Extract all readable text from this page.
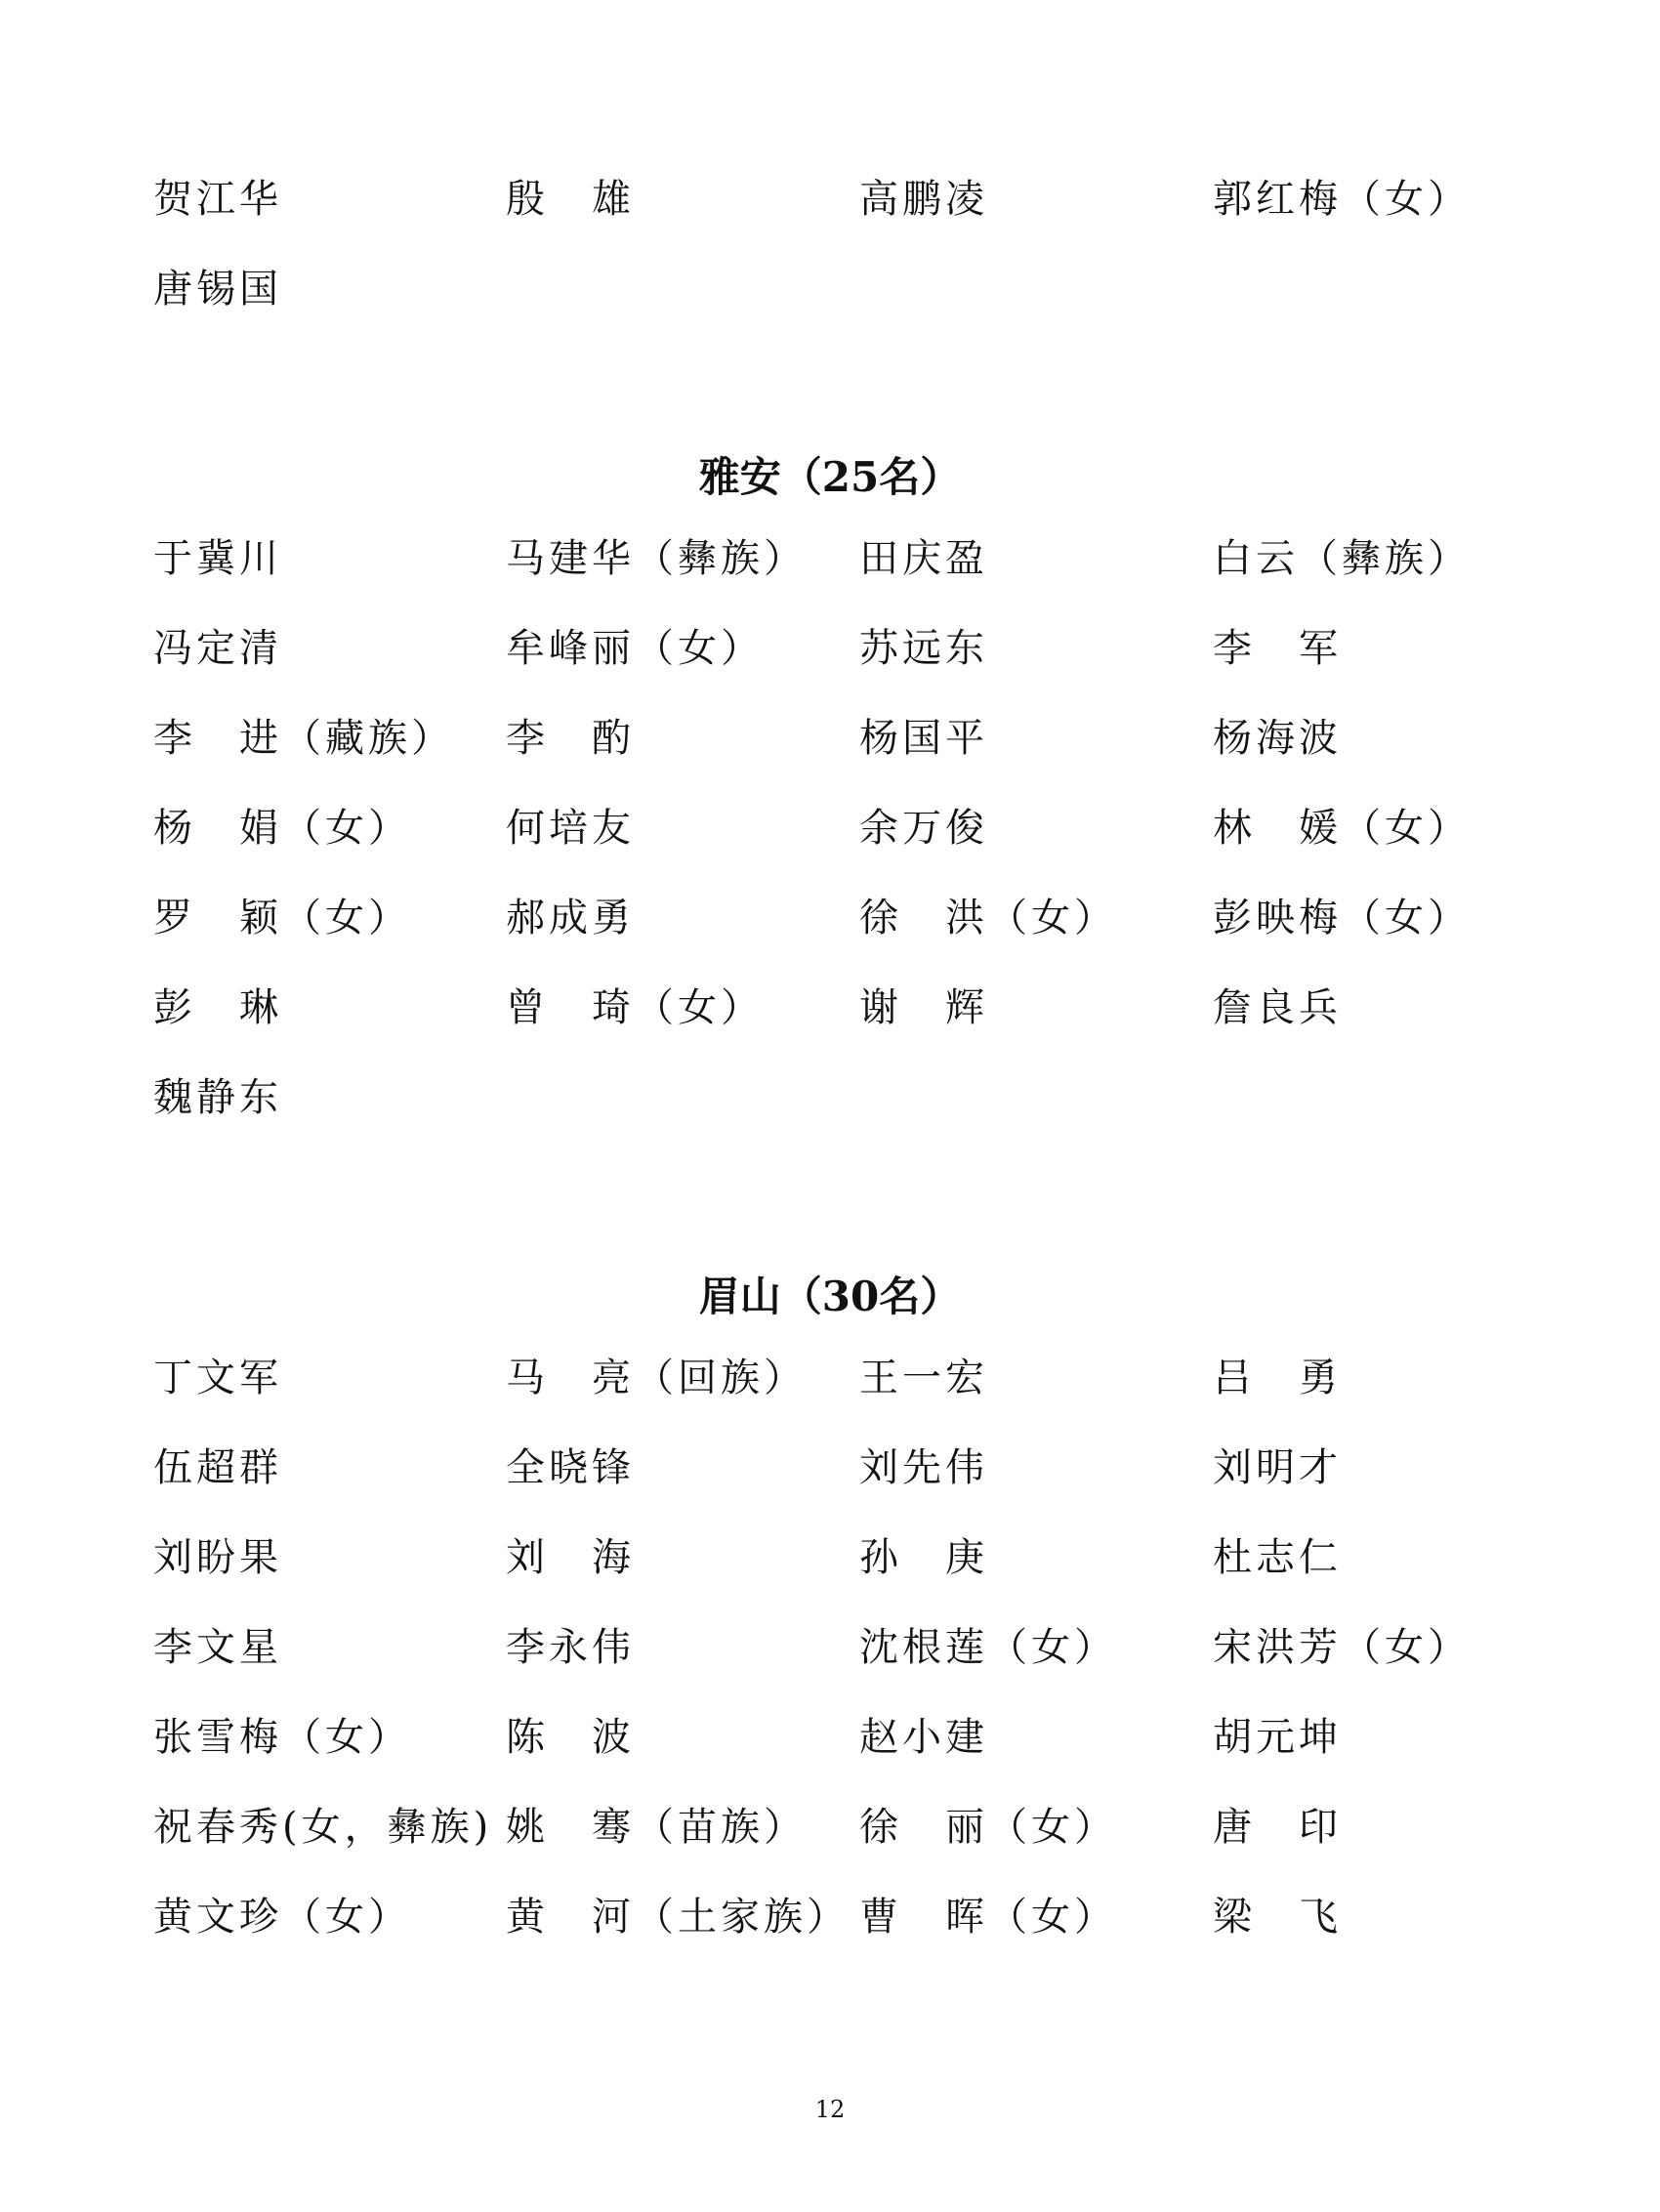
贺江华	殷　雄	高鹏凌	郭红梅（女）
唐锡国
雅安（25名）
于冀川	马建华（彝族） 田庆盈	白云（彝族）
冯定清	牟峰丽（女） 苏远东	李　军
李　进（藏族） 李　酌	杨国平	杨海波
杨　娟（女） 何培友	余万俊	林　媛（女）
罗　颖（女） 郝成勇	徐　洪（女） 彭映梅（女）
彭　琳	曾　琦（女） 谢　辉	詹良兵
魏静东
眉山（30名）
丁文军	马　亮（回族） 王一宏	吕　勇
伍超群	全晓锋	刘先伟	刘明才
刘盼果	刘　海	孙　庚	杜志仁
李文星	李永伟	沈根莲（女） 宋洪芳（女）
张雪梅（女） 陈　波	赵小建	胡元坤
祝春秀(女，彝族) 姚　骞（苗族） 徐　丽（女） 唐　印
黄文珍（女） 黄　河（土家族） 曹　晖（女） 梁　飞
12
